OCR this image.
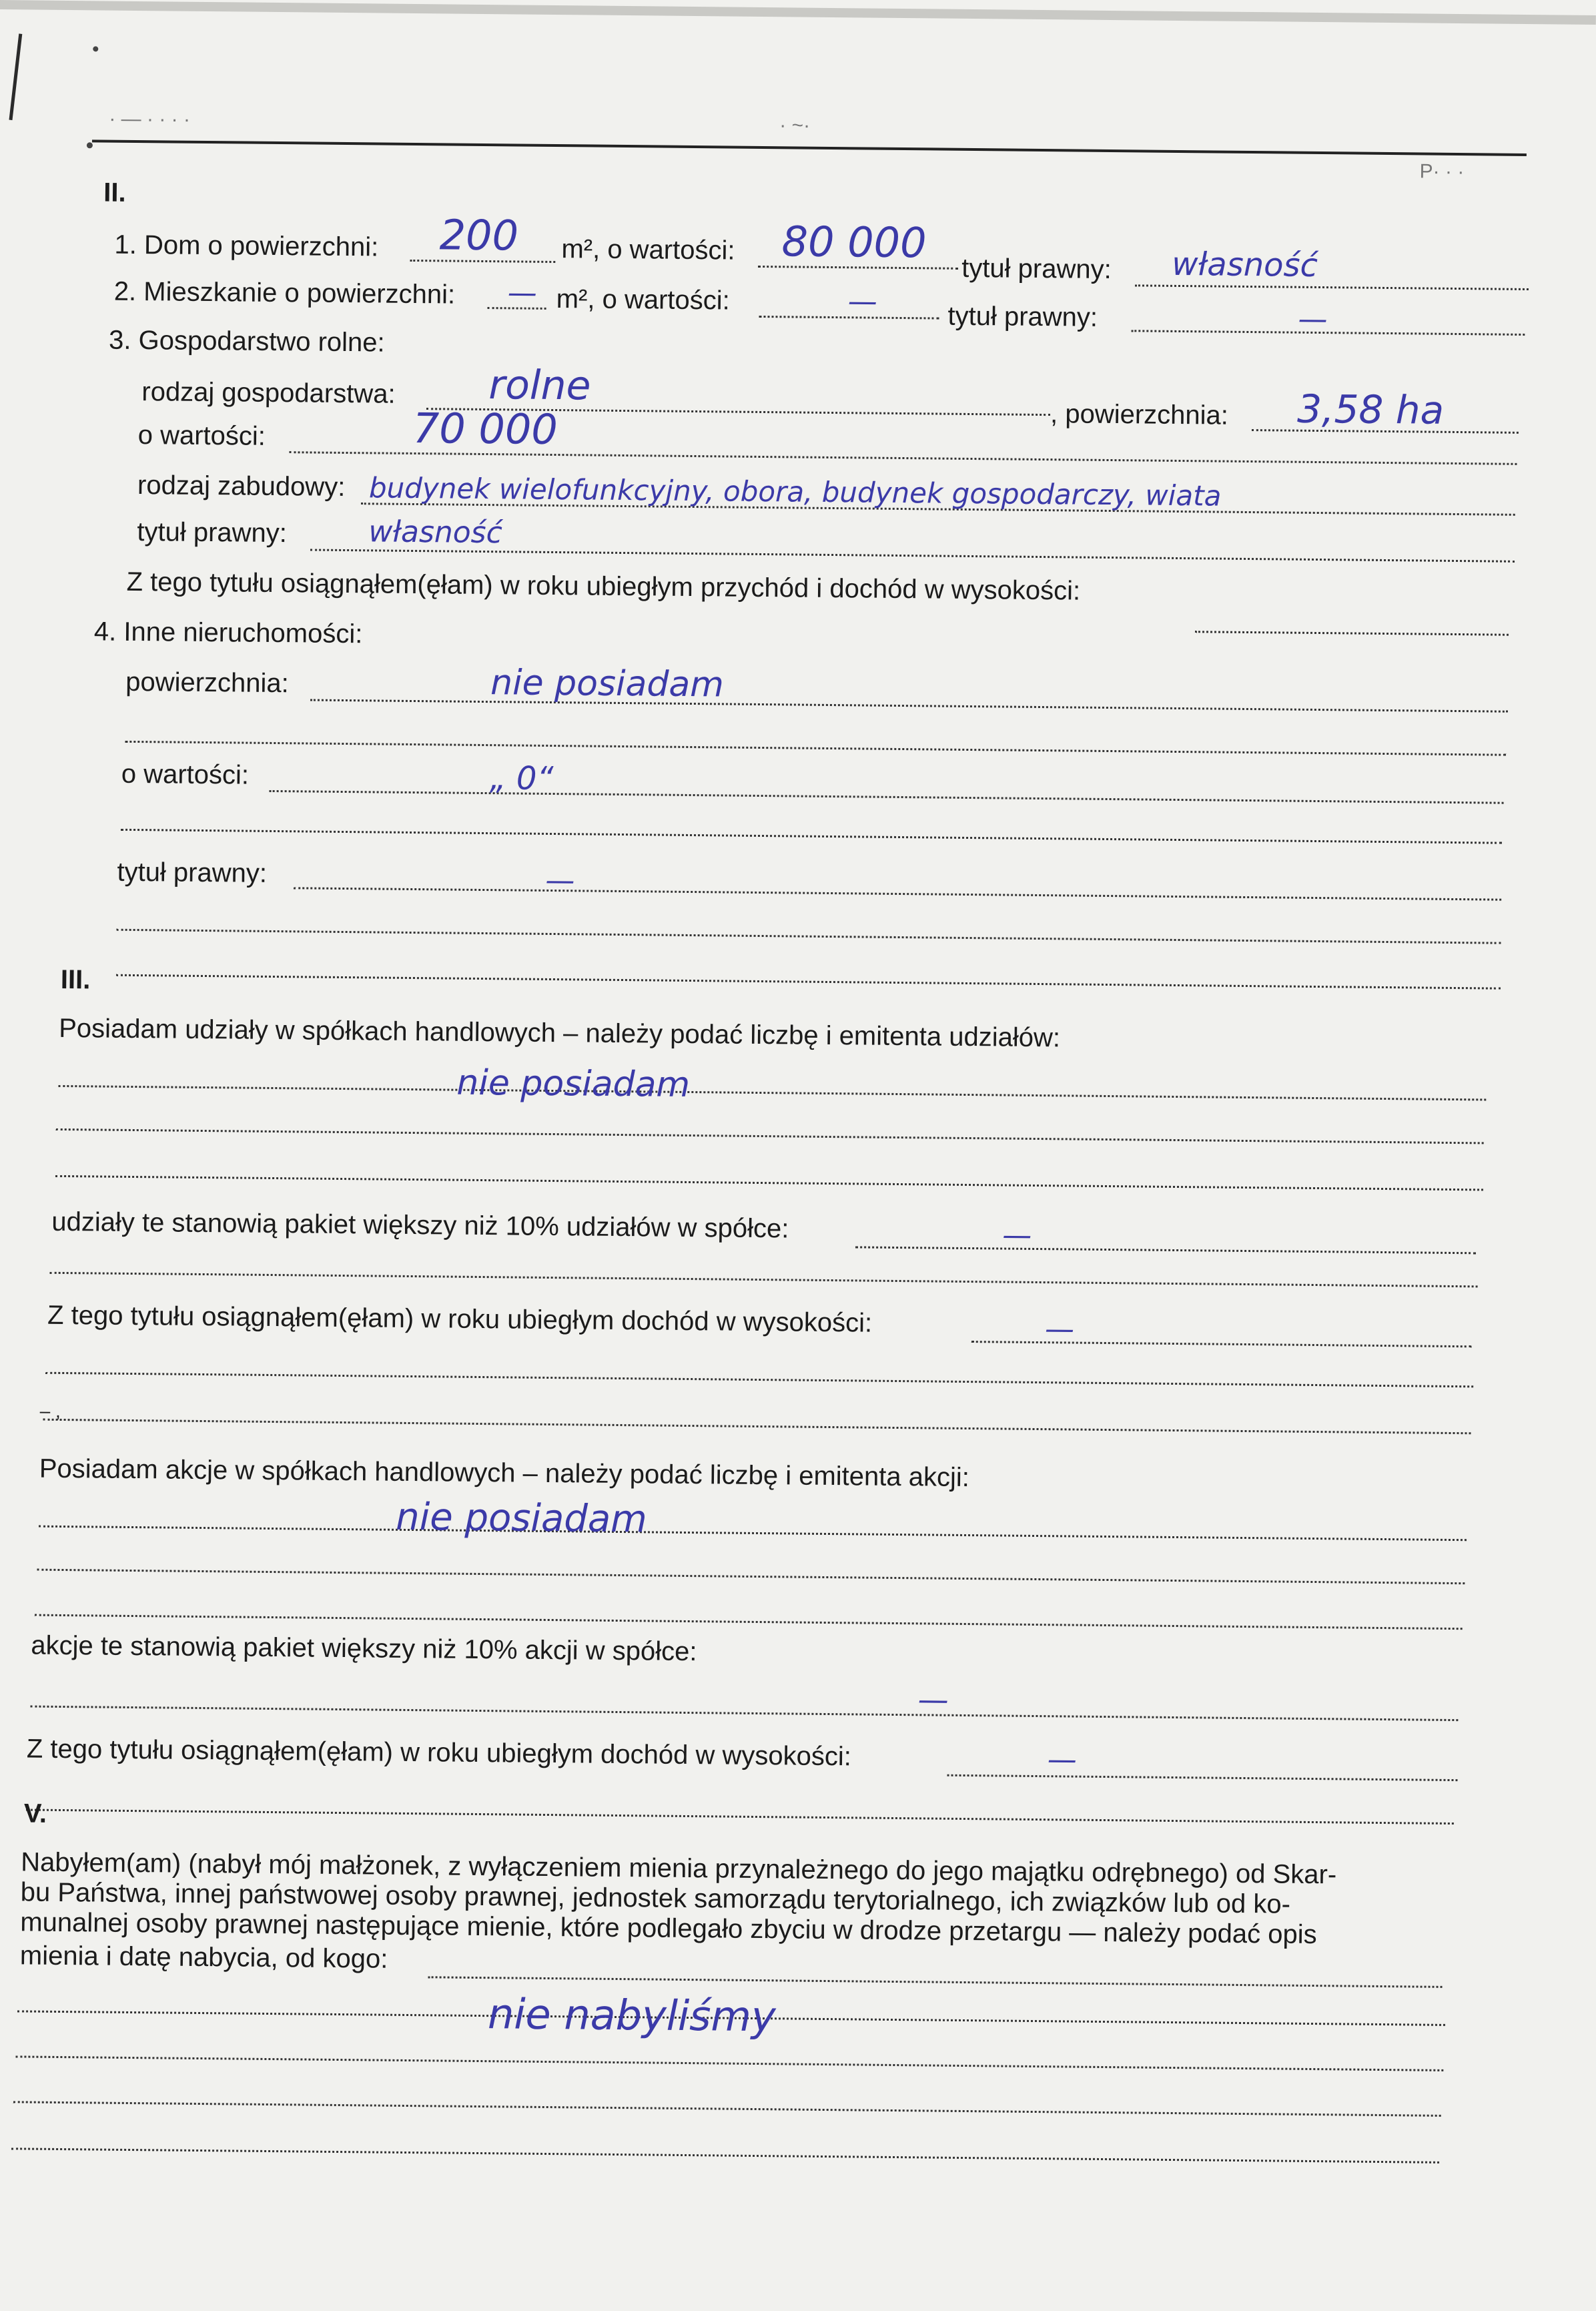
· — · · · ·	· ~·
P· · ·
II.
1. Dom o powierzchni: 200 m², o wartości: 80 000
tytuł prawny: własność
2. Mieszkanie o powierzchni: — m², o wartości:	—	tytuł prawny:	—
3. Gospodarstwo rolne:
rodzaj gospodarstwa: rolne
, powierzchnia: 3,58 ha
o wartości:	70 000
rodzaj zabudowy: budynek wielofunkcyjny, obora, budynek gospodarczy, wiata
tytuł prawny:	własność
Z tego tytułu osiągnąłem(ęłam) w roku ubiegłym przychód i dochód w wysokości:
4. Inne nieruchomości:
powierzchnia:	nie posiadam
o wartości:	„ 0“
tytuł prawny:	—
III.
Posiadam udziały w spółkach handlowych – należy podać liczbę i emitenta udziałów:
nie posiadam
udziały te stanowią pakiet większy niż 10% udziałów w spółce:	—
Z tego tytułu osiągnąłem(ęłam) w roku ubiegłym dochód w wysokości:	—
– ,
Posiadam akcje w spółkach handlowych – należy podać liczbę i emitenta akcji:
nie posiadam
akcje te stanowią pakiet większy niż 10% akcji w spółce:
—
Z tego tytułu osiągnąłem(ęłam) w roku ubiegłym dochód w wysokości:	—
V.
Nabyłem(am) (nabył mój małżonek, z wyłączeniem mienia przynależnego do jego majątku odrębnego) od Skar-
bu Państwa, innej państwowej osoby prawnej, jednostek samorządu terytorialnego, ich związków lub od ko-
munalnej osoby prawnej następujące mienie, które podlegało zbyciu w drodze przetargu — należy podać opis
mienia i datę nabycia, od kogo:
nie nabyliśmy
